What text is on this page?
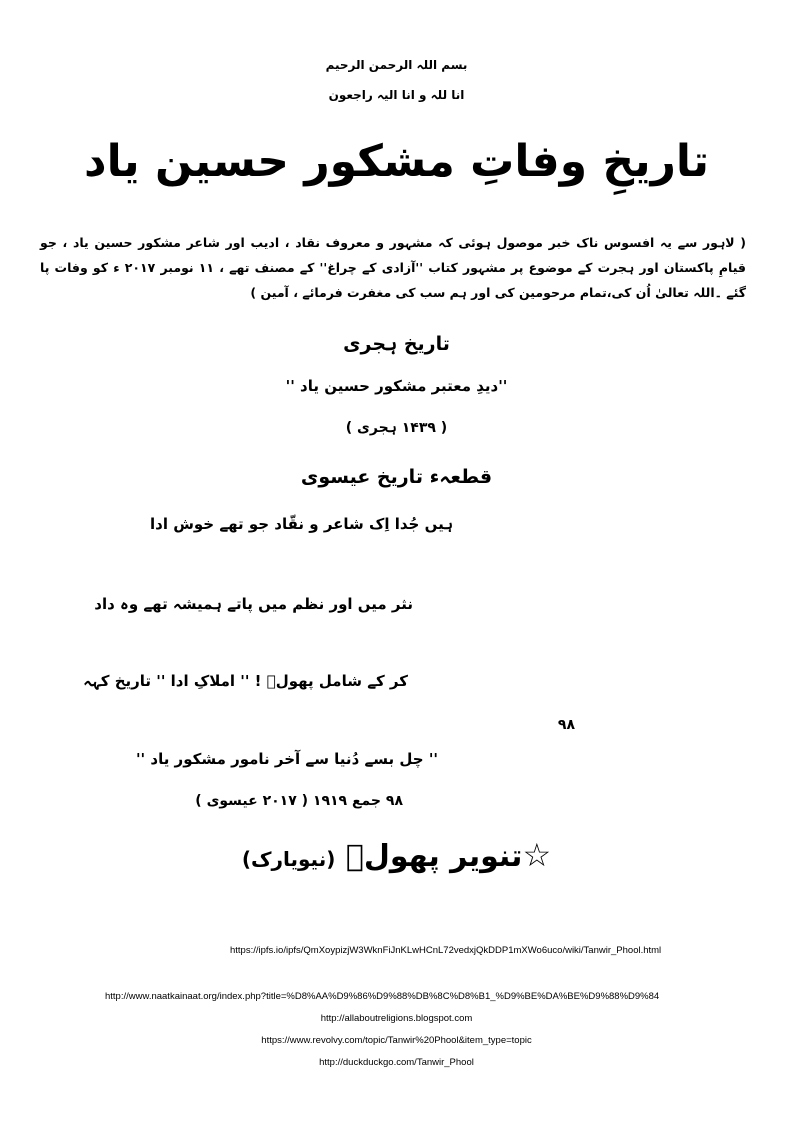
بسم اللہ الرحمن الرحیم
انا للہ و انا الیہ راجعون
تاریخِ وفاتِ مشکور حسین یاد
( لاہور سے یہ افسوس ناک خبر موصول ہوئی کہ مشہور و معروف نقاد ، ادیب اور شاعر مشکور حسین یاد ، جو قیامِ پاکستان اور ہجرت کے موضوع پر مشہور کتاب ''آزادی کے چراغ'' کے مصنف تھے ، ۱۱ نومبر ۲۰۱۷ ء کو وفات پا گئے ۔اللہ تعالیٰ اُن کی،تمام مرحومین کی اور ہم سب کی مغفرت فرمائے ، آمین )
تاریخ ہجری
''دیدِ معتبر مشکور حسین یاد ''
( ۱۴۳۹ ہجری )
قطعہء تاریخ عیسوی
ہیں جُدا اِک شاعر و نقّاد جو تھے خوش ادا
نثر میں اور نظم میں پاتے ہمیشہ تھے وہ داد
کر کے شامل پھولؔ ! '' املاکِ ادا '' تاریخ کہہ
۹۸
'' چل بسے دُنیا سے آخر نامور مشکور یاد ''
۹۸ جمع ۱۹۱۹ ( ۲۰۱۷ عیسوی )
☆تنویر پھولؔ (نیویارک)
https://ipfs.io/ipfs/QmXoypizjW3WknFiJnKLwHCnL72vedxjQkDDP1mXWo6uco/wiki/Tanwir_Phool.html
http://www.naatkainaat.org/index.php?title=%D8%AA%D9%86%D9%88%DB%8C%D8%B1_%D9%BE%DA%BE%D9%88%D9%84
http://allaboutreligions.blogspot.com
https://www.revolvy.com/topic/Tanwir%20Phool&item_type=topic
http://duckduckgo.com/Tanwir_Phool
